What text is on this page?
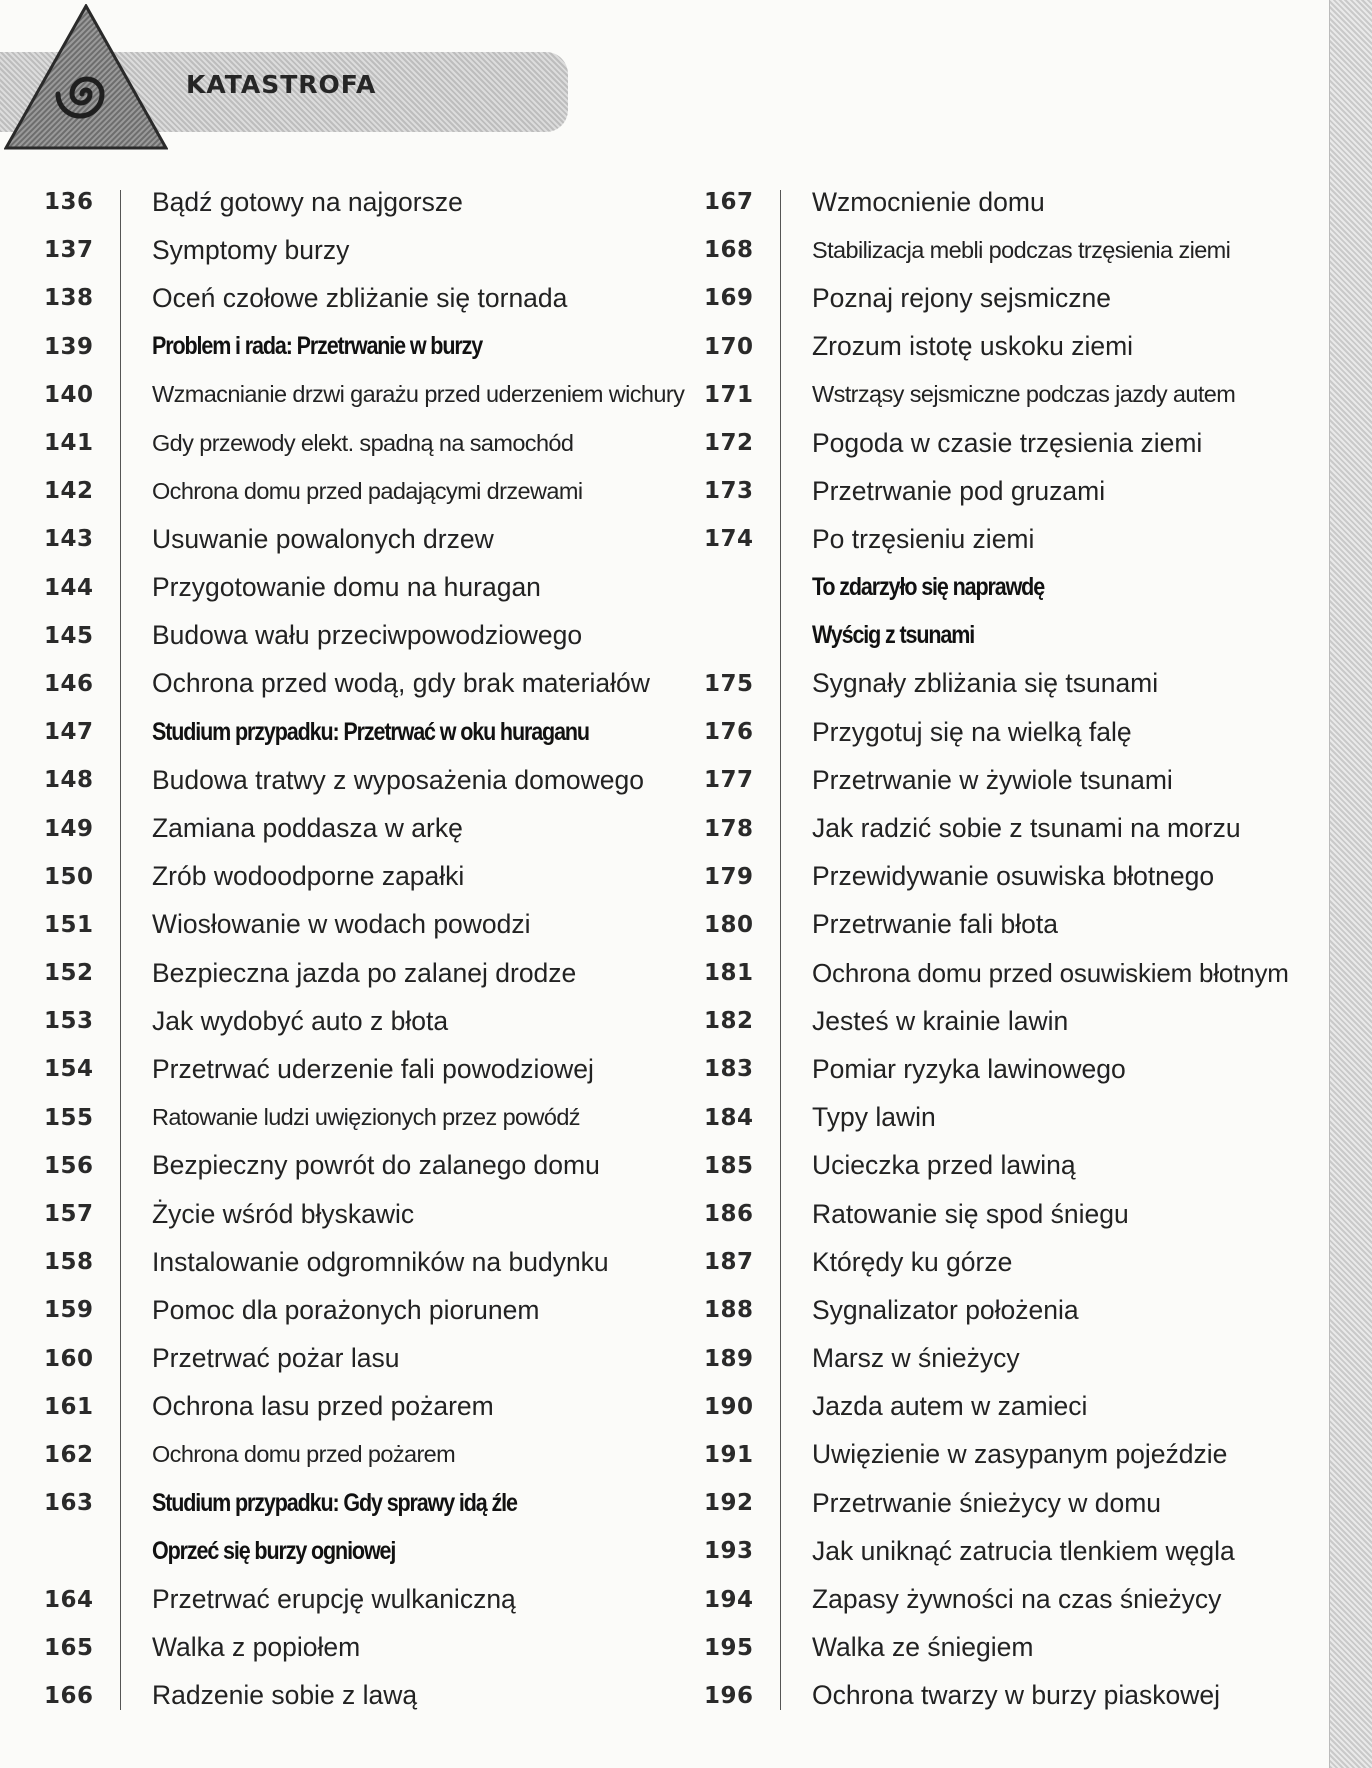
KATASTROFA
136	Bądź gotowy na najgorsze
137	Symptomy burzy
138	Oceń czołowe zbliżanie się tornada
139	Problem i rada: Przetrwanie w burzy
140	Wzmacnianie drzwi garażu przed uderzeniem wichury
141	Gdy przewody elekt. spadną na samochód
142	Ochrona domu przed padającymi drzewami
143	Usuwanie powalonych drzew
144	Przygotowanie domu na huragan
145	Budowa wału przeciwpowodziowego
146	Ochrona przed wodą, gdy brak materiałów
147	Studium przypadku: Przetrwać w oku huraganu
148	Budowa tratwy z wyposażenia domowego
149	Zamiana poddasza w arkę
150	Zrób wodoodporne zapałki
151	Wiosłowanie w wodach powodzi
152	Bezpieczna jazda po zalanej drodze
153	Jak wydobyć auto z błota
154	Przetrwać uderzenie fali powodziowej
155	Ratowanie ludzi uwięzionych przez powódź
156	Bezpieczny powrót do zalanego domu
157	Życie wśród błyskawic
158	Instalowanie odgromników na budynku
159	Pomoc dla porażonych piorunem
160	Przetrwać pożar lasu
161	Ochrona lasu przed pożarem
162	Ochrona domu przed pożarem
163	Studium przypadku: Gdy sprawy idą źle
Oprzeć się burzy ogniowej
164	Przetrwać erupcję wulkaniczną
165	Walka z popiołem
166	Radzenie sobie z lawą
167	Wzmocnienie domu
168	Stabilizacja mebli podczas trzęsienia ziemi
169	Poznaj rejony sejsmiczne
170	Zrozum istotę uskoku ziemi
171	Wstrząsy sejsmiczne podczas jazdy autem
172	Pogoda w czasie trzęsienia ziemi
173	Przetrwanie pod gruzami
174	Po trzęsieniu ziemi
To zdarzyło się naprawdę
Wyścig z tsunami
175	Sygnały zbliżania się tsunami
176	Przygotuj się na wielką falę
177	Przetrwanie w żywiole tsunami
178	Jak radzić sobie z tsunami na morzu
179	Przewidywanie osuwiska błotnego
180	Przetrwanie fali błota
181	Ochrona domu przed osuwiskiem błotnym
182	Jesteś w krainie lawin
183	Pomiar ryzyka lawinowego
184	Typy lawin
185	Ucieczka przed lawiną
186	Ratowanie się spod śniegu
187	Którędy ku górze
188	Sygnalizator położenia
189	Marsz w śnieżycy
190	Jazda autem w zamieci
191	Uwięzienie w zasypanym pojeździe
192	Przetrwanie śnieżycy w domu
193	Jak uniknąć zatrucia tlenkiem węgla
194	Zapasy żywności na czas śnieżycy
195	Walka ze śniegiem
196	Ochrona twarzy w burzy piaskowej
